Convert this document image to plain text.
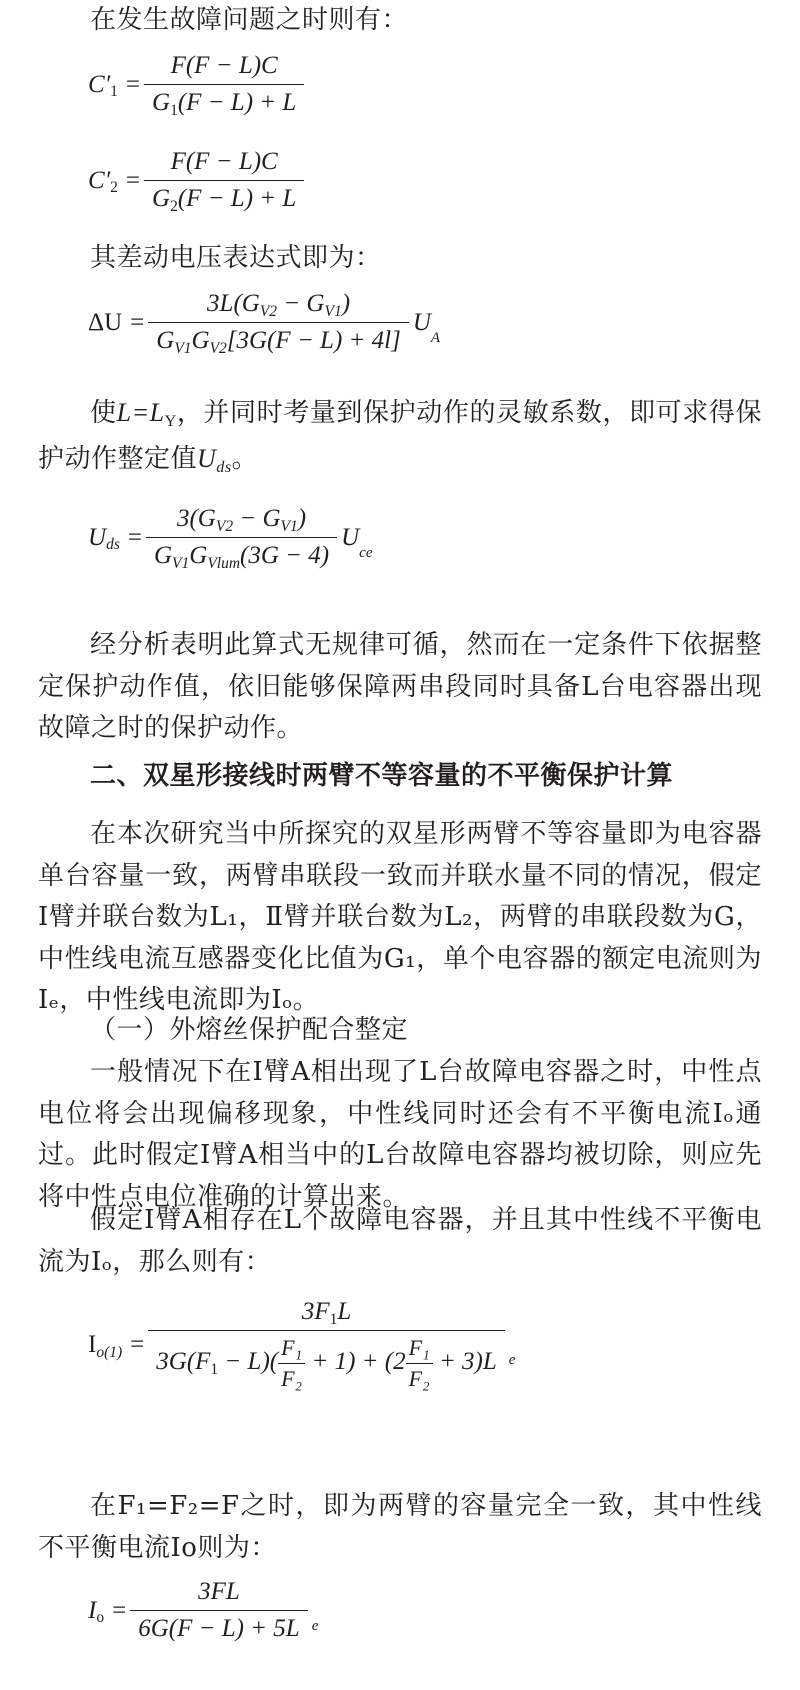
在发生故障问题之时则有：

$C'1 = \frac{F(F - L)C}{G1(F - L) + L}$
$C'2 = \frac{F(F - L)C}{G2(F - L) + L}$

其差动电压表达式即为：

$\Delta U = \frac{3L(GV2 - GV1)}{GV1GV2[3G(F - L) + 4l]} U_A$

使L=LY，并同时考量到保护动作的灵敏系数，即可求得保护动作整定值Uds。

Uds = $\frac{3(GV2 - GV1)}{\text{GV1GVlum(3G − 4)}} U_{ce}$

经分析表明此算式无规律可循，然而在一定条件下依据整定保护动作值，依旧能够保障两串段同时具备L台电容器出现故障之时的保护动作。

二、双星形接线时两臂不等容量的不平衡保护计算

在本次研究当中所探究的双星形两臂不等容量即为电容器单台容量一致，两臂串联段一致而并联水量不同的情况，假定Ⅰ臂并联台数为L₁，Ⅱ臂并联台数为L₂，两臂的串联段数为G，中性线电流互感器变化比值为G₁，单个电容器的额定电流则为Iₑ，中性线电流即为Iₒ。

（一）外熔丝保护配合整定

一般情况下在Ⅰ臂A相出现了L台故障电容器之时，中性点电位将会出现偏移现象，中性线同时还会有不平衡电流Iₒ通过。此时假定Ⅰ臂A相当中的L台故障电容器均被切除，则应先将中性点电位准确的计算出来。

假定Ⅰ臂A相存在L个故障电容器，并且其中性线不平衡电流为Iₒ，那么则有：

$Io(1) = \frac{3F1L}{3G(F1 - L)( \frac{\text{F₁}}{\text{F₂}} + 1) + (2 \frac{\text{F₁}}{\text{F₂}} + 3)L} _e$

在F₁=F₂=F之时，即为两臂的容量完全一致，其中性线不平衡电流Io则为：

$Io = \frac{3FL}{6G(F - L) + 5L} _e$
